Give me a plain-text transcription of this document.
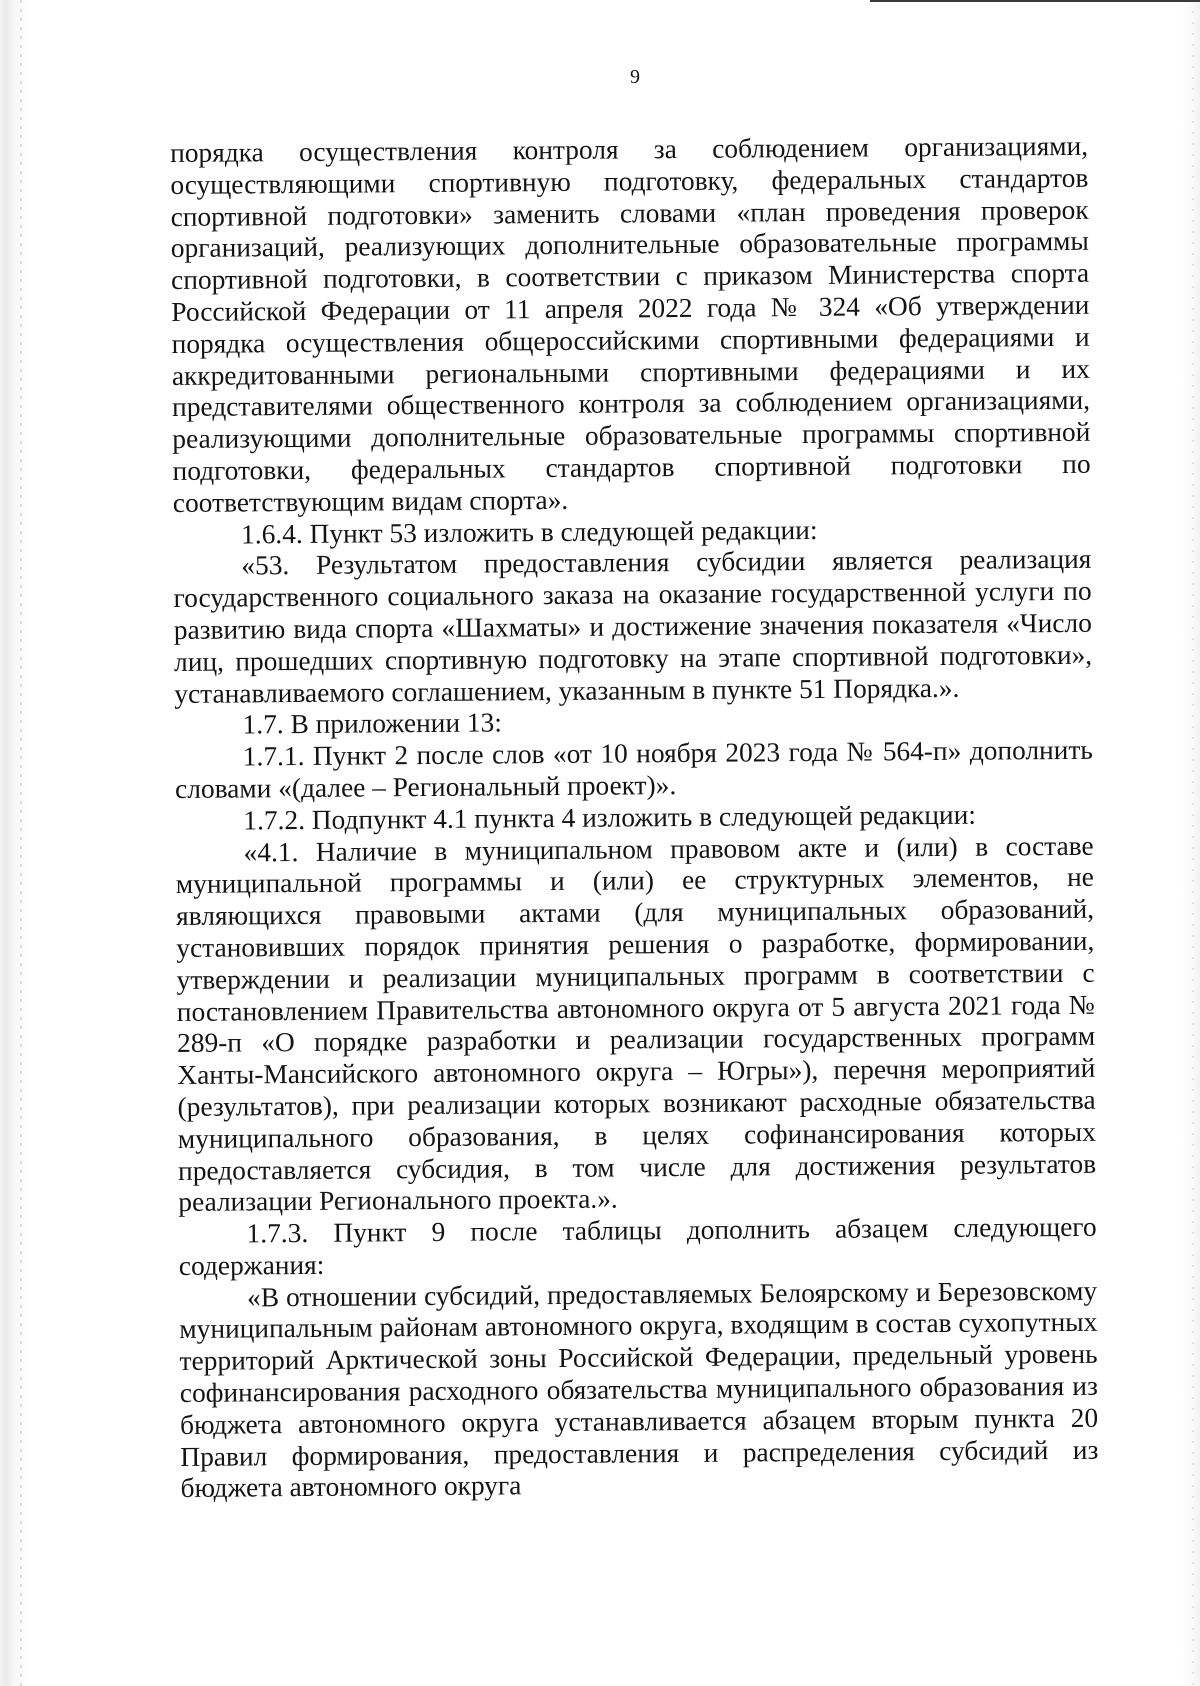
9

порядка осуществления контроля за соблюдением организациями, осуществляющими спортивную подготовку, федеральных стандартов спортивной подготовки» заменить словами «план проведения проверок организаций, реализующих дополнительные образовательные программы спортивной подготовки, в соответствии с приказом Министерства спорта Российской Федерации от 11 апреля 2022 года № 324 «Об утверждении порядка осуществления общероссийскими спортивными федерациями и аккредитованными региональными спортивными федерациями и их представителями общественного контроля за соблюдением организациями, реализующими дополнительные образовательные программы спортивной подготовки, федеральных стандартов спортивной подготовки по соответствующим видам спорта».

1.6.4. Пункт 53 изложить в следующей редакции:

«53. Результатом предоставления субсидии является реализация государственного социального заказа на оказание государственной услуги по развитию вида спорта «Шахматы» и достижение значения показателя «Число лиц, прошедших спортивную подготовку на этапе спортивной подготовки», устанавливаемого соглашением, указанным в пункте 51 Порядка.».

1.7. В приложении 13:

1.7.1. Пункт 2 после слов «от 10 ноября 2023 года № 564-п» дополнить словами «(далее – Региональный проект)».

1.7.2. Подпункт 4.1 пункта 4 изложить в следующей редакции:

«4.1. Наличие в муниципальном правовом акте и (или) в составе муниципальной программы и (или) ее структурных элементов, не являющихся правовыми актами (для муниципальных образований, установивших порядок принятия решения о разработке, формировании, утверждении и реализации муниципальных программ в соответствии с постановлением Правительства автономного округа от 5 августа 2021 года № 289-п «О порядке разработки и реализации государственных программ Ханты-Мансийского автономного округа – Югры»), перечня мероприятий (результатов), при реализации которых возникают расходные обязательства муниципального образования, в целях софинансирования которых предоставляется субсидия, в том числе для достижения результатов реализации Регионального проекта.».

1.7.3. Пункт 9 после таблицы дополнить абзацем следующего содержания:

«В отношении субсидий, предоставляемых Белоярскому и Березовскому муниципальным районам автономного округа, входящим в состав сухопутных территорий Арктической зоны Российской Федерации, предельный уровень софинансирования расходного обязательства муниципального образования из бюджета автономного округа устанавливается абзацем вторым пункта 20 Правил формирования, предоставления и распределения субсидий из бюджета автономного округа
